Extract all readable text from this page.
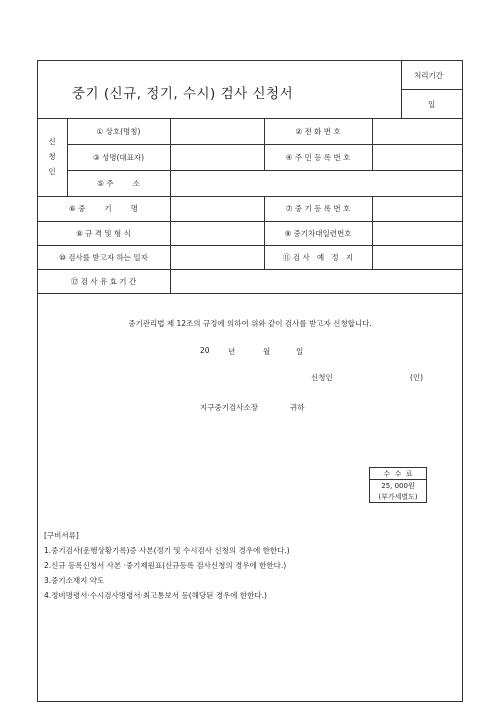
중기 (신규, 정기, 수시) 검사 신청서
처리기간
일
신
청
인
① 상호(명칭)	② 전 화 번 호
③ 성명(대표자)	④ 주 민 등 록 번 호
⑤ 주        소
⑥ 중        기        명	⑦ 중 기 등 록 번 호
⑧ 규 격 및 형 식	⑨ 중기차대일련번호
⑩ 검사를 받고자 하는 일자	⑪ 검 사   예   정   지
⑫ 검 사 유 효 기 간
중기관리법 제 12조의 규정에 의하여 위와 같이 검사를 받고자 신청합니다.
20 년	월	일
신청인	(인)
지구중기검사소장	귀하
수  수  료
25, 000원
(부가세별도)
[구비서류]
1.중기검사(운행상황기록)증 사본(정기 및 수시검사 신청의 경우에 한한다.)
2.신규 등록신청서 사본 ·중기제원표(신규등록 검사신청의 경우에 한한다.)
3.중기소재지 약도
4.정비명령서·수시검사명령서·최고통보서 등(해당된 경우에 한한다.)
